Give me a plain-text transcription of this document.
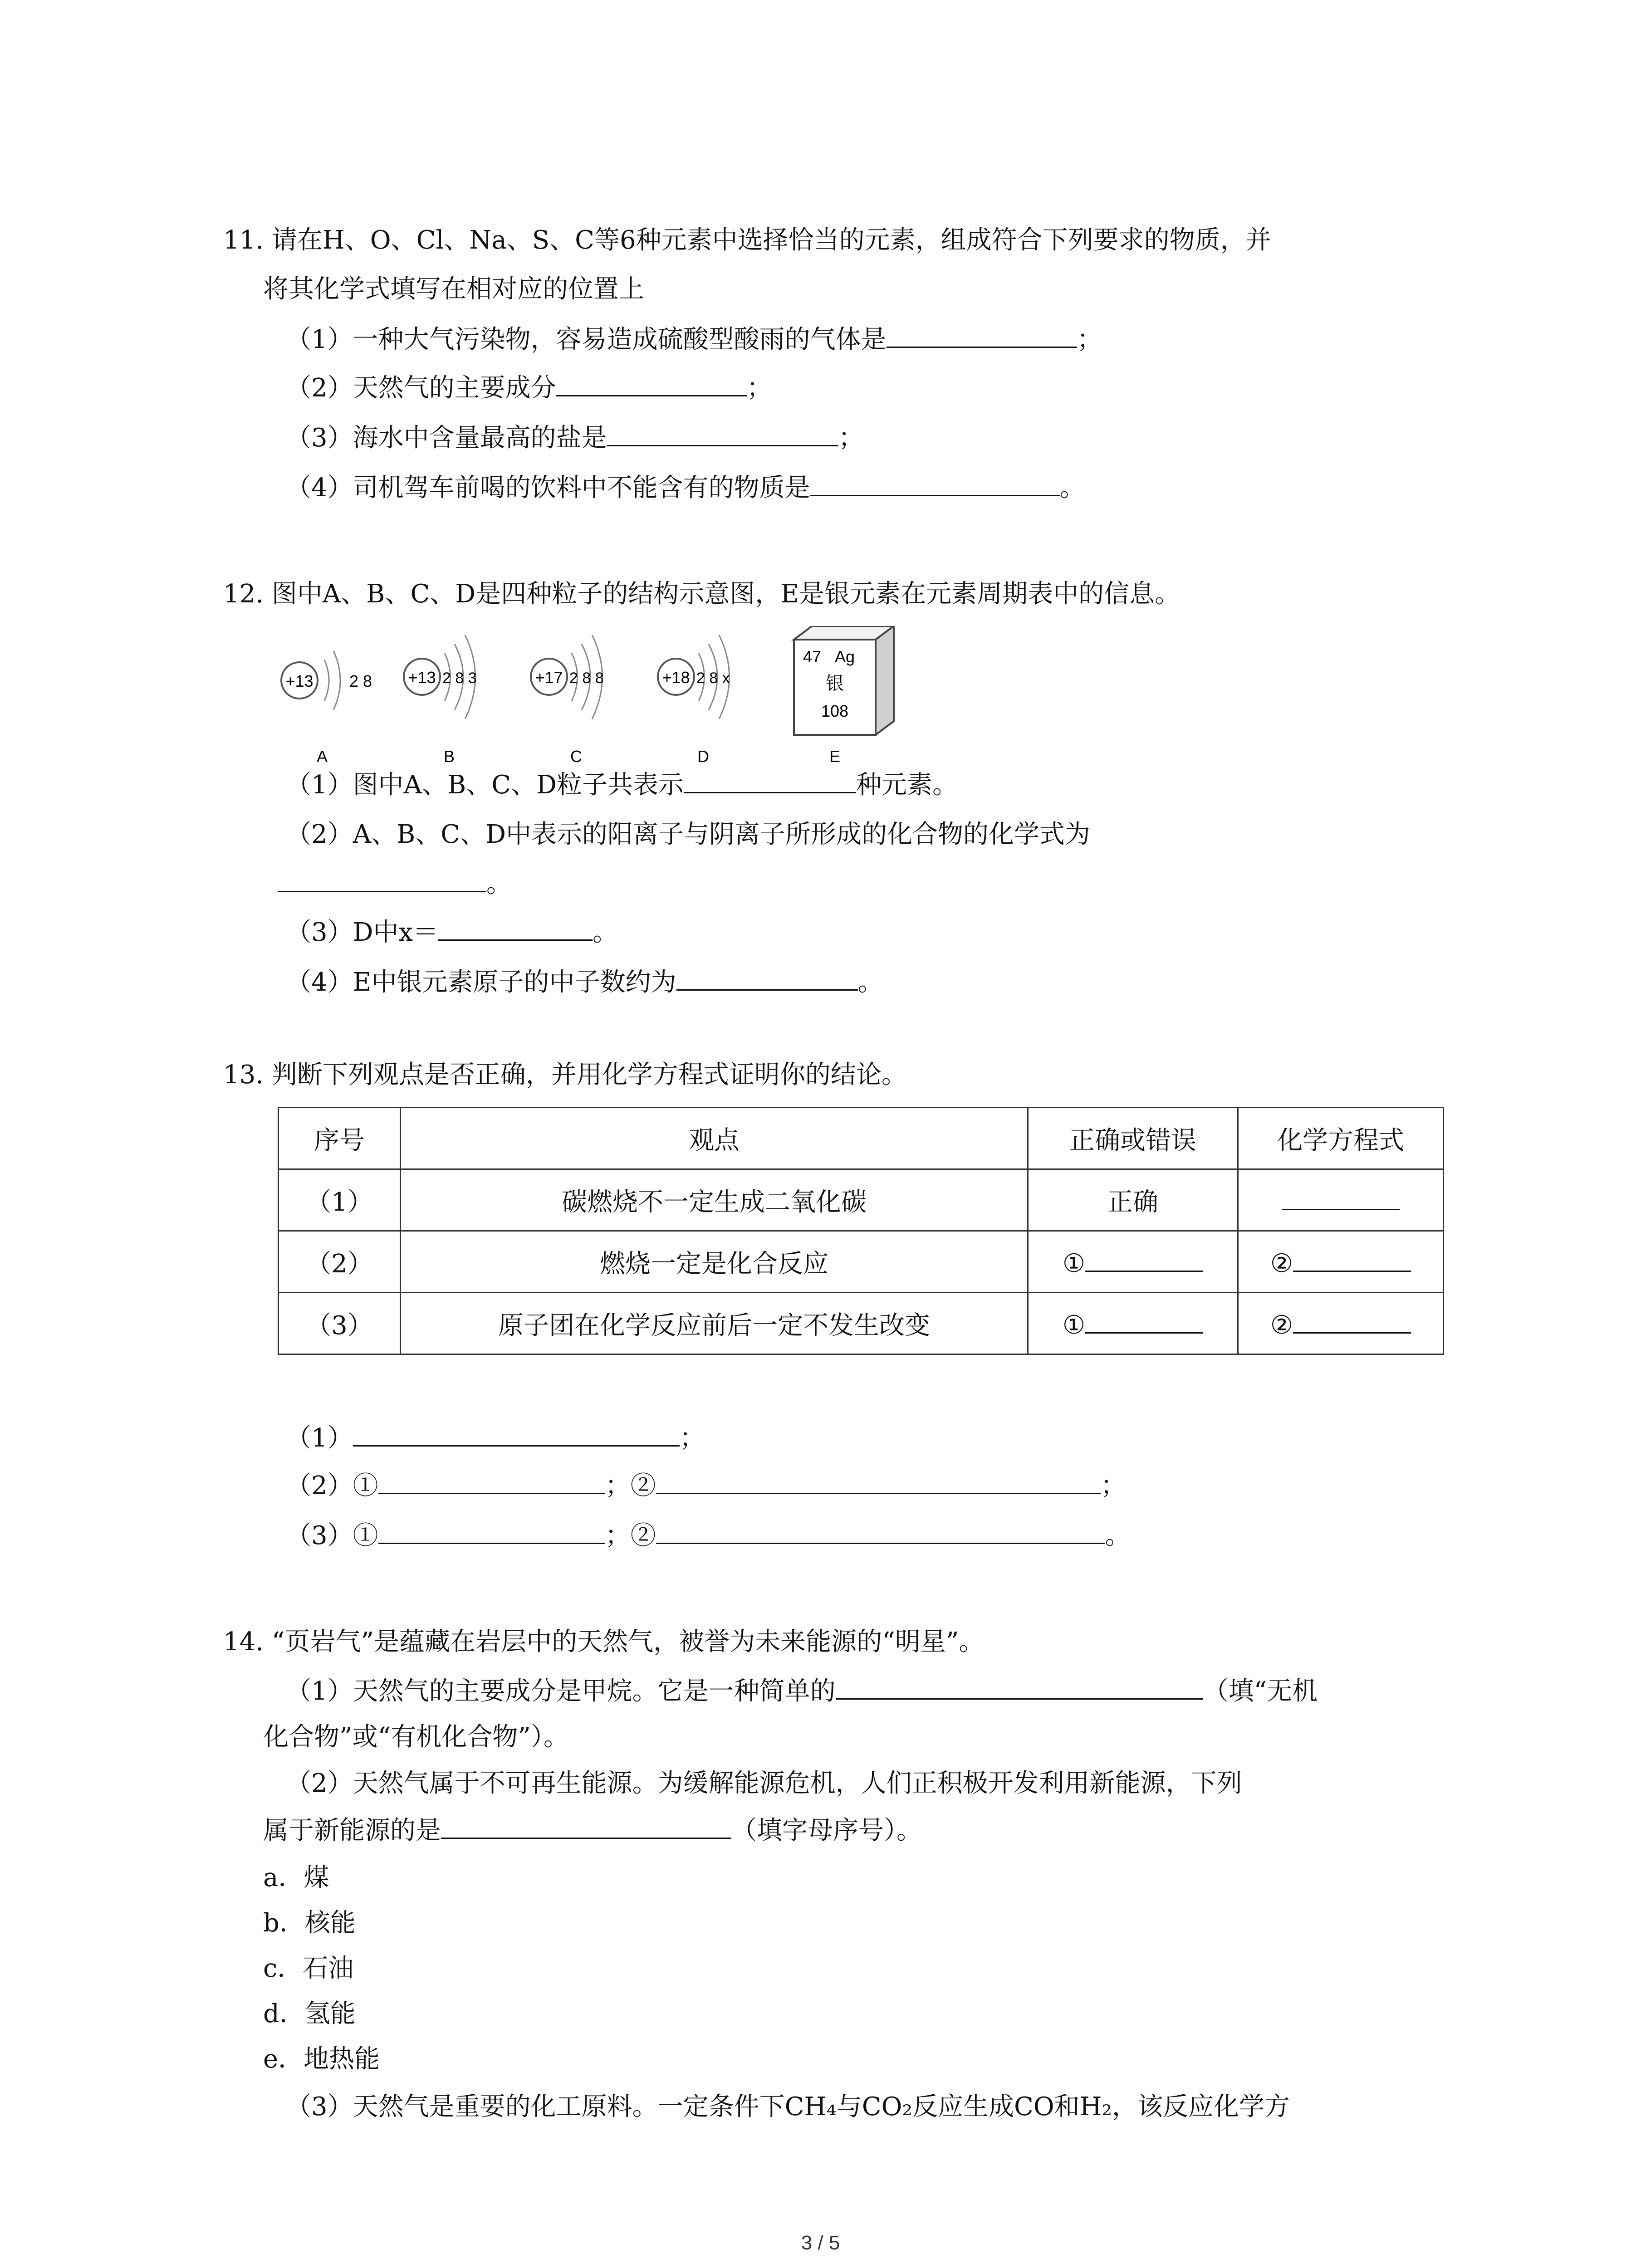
11. 请在H、O、Cl、Na、S、C等6种元素中选择恰当的元素，组成符合下列要求的物质，并
将其化学式填写在相对应的位置上
（1）一种大气污染物，容易造成硫酸型酸雨的气体是	；
（2）天然气的主要成分	；
（3）海水中含量最高的盐是	；
（4）司机驾车前喝的饮料中不能含有的物质是	。
12. 图中A、B、C、D是四种粒子的结构示意图，E是银元素在元素周期表中的信息。
+13 2 8
A
+13 2 8 3
B
+17 2 8 8
C
+18 2 8 x
D
47 Ag
银
108
E
（1）图中A、B、C、D粒子共表示	种元素。
（2）A、B、C、D中表示的阳离子与阴离子所形成的化合物的化学式为
。
（3）D中x＝	。
（4）E中银元素原子的中子数约为	。
13. 判断下列观点是否正确，并用化学方程式证明你的结论。
序号	观点	正确或错误	化学方程式
（1）	碳燃烧不一定生成二氧化碳	正确	
（2）	燃烧一定是化合反应	①	②
（3）	原子团在化学反应前后一定不发生改变	①	②
（1）	；
（2）①	；②	；
（3）①	；②	。
14. “页岩气”是蕴藏在岩层中的天然气，被誉为未来能源的“明星”。
（1）天然气的主要成分是甲烷。它是一种简单的	（填“无机
化合物”或“有机化合物”）。
（2）天然气属于不可再生能源。为缓解能源危机，人们正积极开发利用新能源，下列
属于新能源的是	（填字母序号）。
a．煤
b．核能
c．石油
d．氢能
e．地热能
（3）天然气是重要的化工原料。一定条件下CH₄与CO₂反应生成CO和H₂，该反应化学方
3 / 5
